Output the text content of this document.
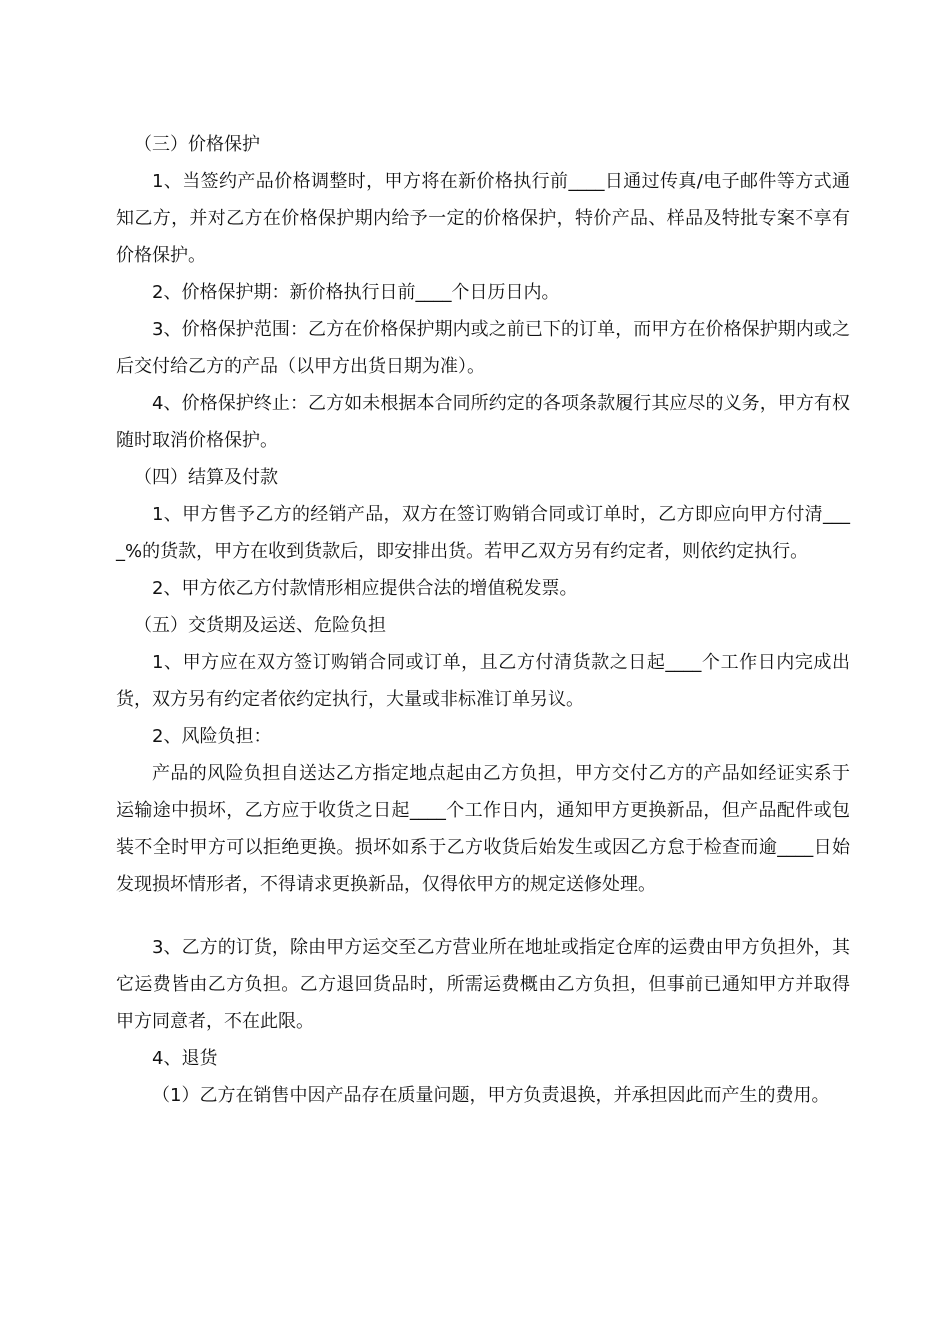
（三）价格保护

1、当签约产品价格调整时，甲方将在新价格执行前____日通过传真/电子邮件等方式通知乙方，并对乙方在价格保护期内给予一定的价格保护，特价产品、样品及特批专案不享有价格保护。

2、价格保护期：新价格执行日前____个日历日内。

3、价格保护范围：乙方在价格保护期内或之前已下的订单，而甲方在价格保护期内或之后交付给乙方的产品（以甲方出货日期为准）。

4、价格保护终止：乙方如未根据本合同所约定的各项条款履行其应尽的义务，甲方有权随时取消价格保护。

（四）结算及付款

1、甲方售予乙方的经销产品，双方在签订购销合同或订单时，乙方即应向甲方付清____%的货款，甲方在收到货款后，即安排出货。若甲乙双方另有约定者，则依约定执行。

2、甲方依乙方付款情形相应提供合法的增值税发票。

（五）交货期及运送、危险负担

1、甲方应在双方签订购销合同或订单，且乙方付清货款之日起____个工作日内完成出货，双方另有约定者依约定执行，大量或非标准订单另议。

2、风险负担：

产品的风险负担自送达乙方指定地点起由乙方负担，甲方交付乙方的产品如经证实系于运输途中损坏，乙方应于收货之日起____个工作日内，通知甲方更换新品，但产品配件或包装不全时甲方可以拒绝更换。损坏如系于乙方收货后始发生或因乙方怠于检查而逾____日始发现损坏情形者，不得请求更换新品，仅得依甲方的规定送修处理。

3、乙方的订货，除由甲方运交至乙方营业所在地址或指定仓库的运费由甲方负担外，其它运费皆由乙方负担。乙方退回货品时，所需运费概由乙方负担，但事前已通知甲方并取得甲方同意者，不在此限。

4、退货

（1）乙方在销售中因产品存在质量问题，甲方负责退换，并承担因此而产生的费用。
